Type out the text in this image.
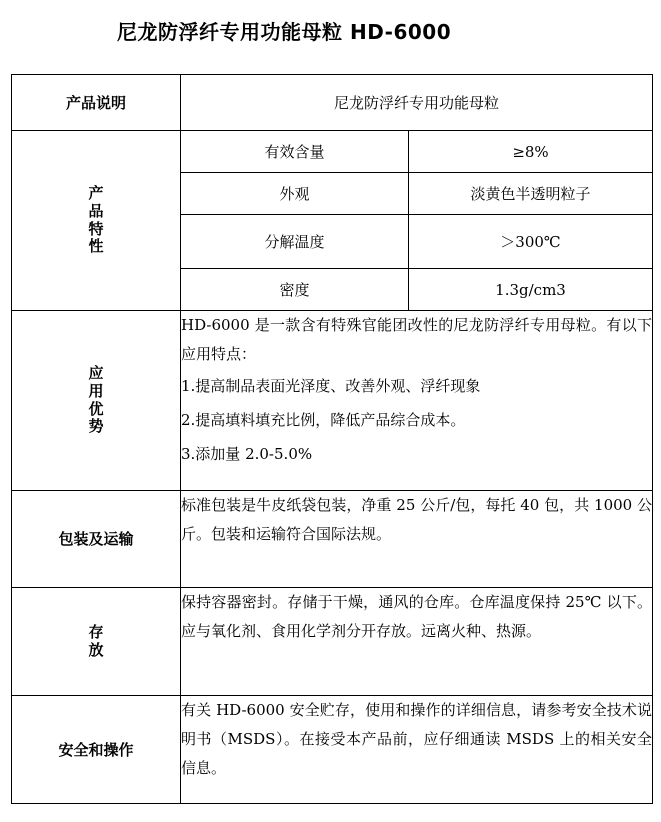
尼龙防浮纤专用功能母粒 HD-6000
产品说明	尼龙防浮纤专用功能母粒	
产品特性	有效含量	≥8%
	外观	淡黄色半透明粒子
	分解温度	＞300℃
	密度	1.3g/cm3
应用优势	HD-6000 是一款含有特殊官能团改性的尼龙防浮纤专用母粒。有以下应用特点：
1.提高制品表面光泽度、改善外观、浮纤现象
2.提高填料填充比例，降低产品综合成本。
3.添加量 2.0-5.0%	

包装及运输	标准包装是牛皮纸袋包装，净重 25 公斤/包，每托 40 包，共 1000 公斤。包装和运输符合国际法规。	

存放	保持容器密封。存储于干燥，通风的仓库。仓库温度保持 25℃ 以下。应与氧化剂、食用化学剂分开存放。远离火种、热源。	

安全和操作	有关 HD-6000 安全贮存，使用和操作的详细信息，请参考安全技术说明书（MSDS）。在接受本产品前，应仔细通读 MSDS 上的相关安全信息。	
